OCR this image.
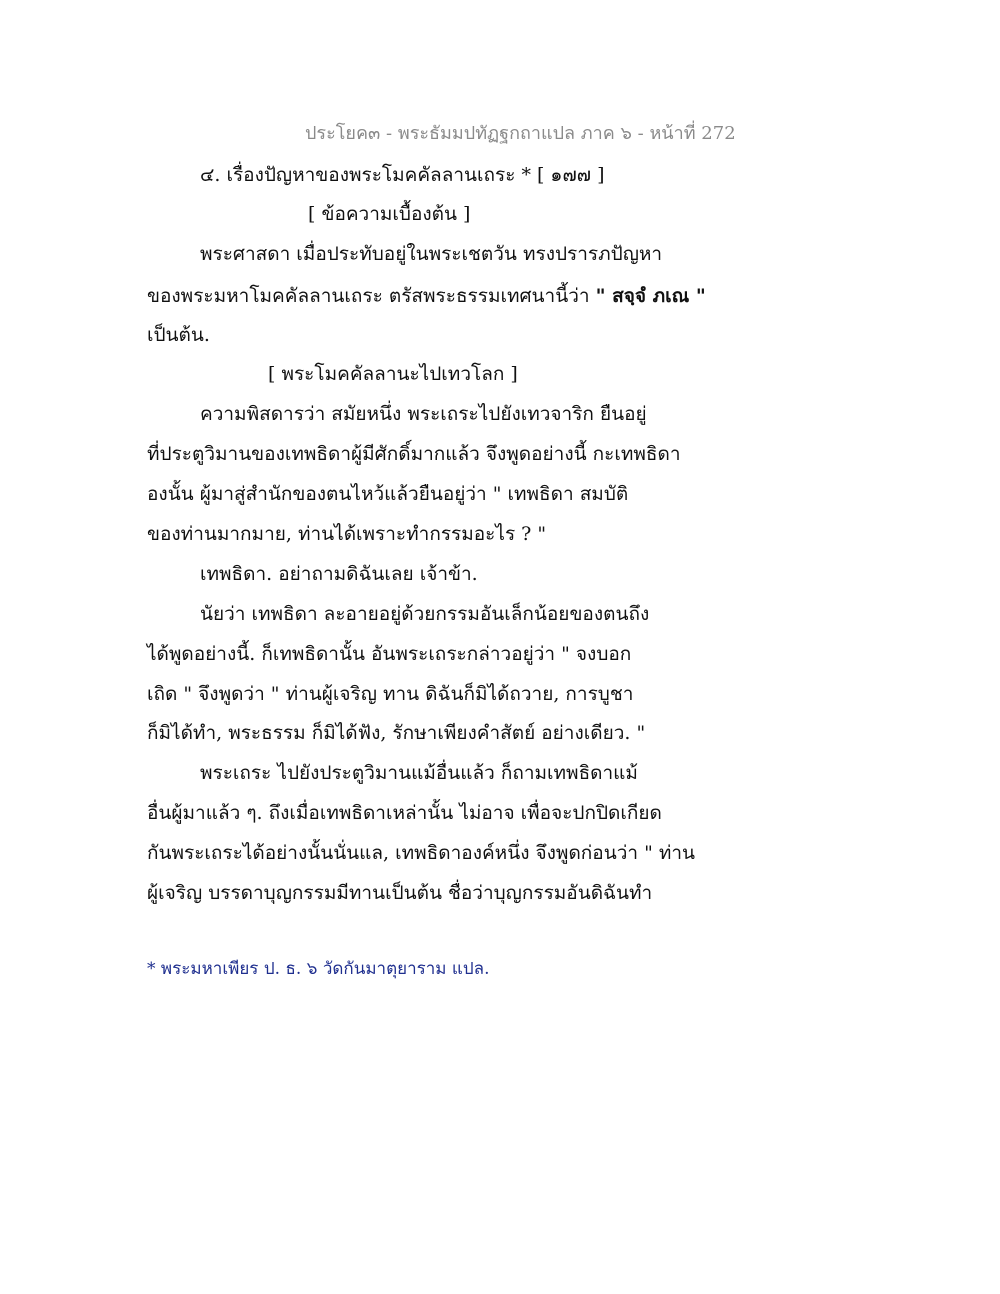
ประโยค๓ - พระธัมมปทัฏฐกถาแปล ภาค ๖ - หน้าที่ 272
๔. เรื่องปัญหาของพระโมคคัลลานเถระ * [ ๑๗๗ ]
[ ข้อความเบื้องต้น ]
พระศาสดา เมื่อประทับอยู่ในพระเชตวัน ทรงปรารภปัญหา
ของพระมหาโมคคัลลานเถระ ตรัสพระธรรมเทศนานี้ว่า " สจฺจํ ภเณ "
เป็นต้น.
[ พระโมคคัลลานะไปเทวโลก ]
ความพิสดารว่า สมัยหนึ่ง พระเถระไปยังเทวจาริก ยืนอยู่
ที่ประตูวิมานของเทพธิดาผู้มีศักดิ์มากแล้ว จึงพูดอย่างนี้ กะเทพธิดา
องนั้น ผู้มาสู่สำนักของตนไหว้แล้วยืนอยู่ว่า " เทพธิดา สมบัติ
ของท่านมากมาย, ท่านได้เพราะทำกรรมอะไร ? "
เทพธิดา. อย่าถามดิฉันเลย เจ้าข้า.
นัยว่า เทพธิดา ละอายอยู่ด้วยกรรมอันเล็กน้อยของตนถึง
ได้พูดอย่างนี้. ก็เทพธิดานั้น อันพระเถระกล่าวอยู่ว่า " จงบอก
เถิด " จึงพูดว่า " ท่านผู้เจริญ ทาน ดิฉันก็มิได้ถวาย, การบูชา
ก็มิได้ทำ, พระธรรม ก็มิได้ฟัง, รักษาเพียงคำสัตย์ อย่างเดียว. "
พระเถระ ไปยังประตูวิมานแม้อื่นแล้ว ก็ถามเทพธิดาแม้
อื่นผู้มาแล้ว ๆ. ถึงเมื่อเทพธิดาเหล่านั้น ไม่อาจ เพื่อจะปกปิดเกียด
กันพระเถระได้อย่างนั้นนั่นแล, เทพธิดาองค์หนึ่ง จึงพูดก่อนว่า " ท่าน
ผู้เจริญ บรรดาบุญกรรมมีทานเป็นต้น ชื่อว่าบุญกรรมอันดิฉันทำ
* พระมหาเพียร ป. ธ. ๖ วัดกันมาตุยาราม แปล.
